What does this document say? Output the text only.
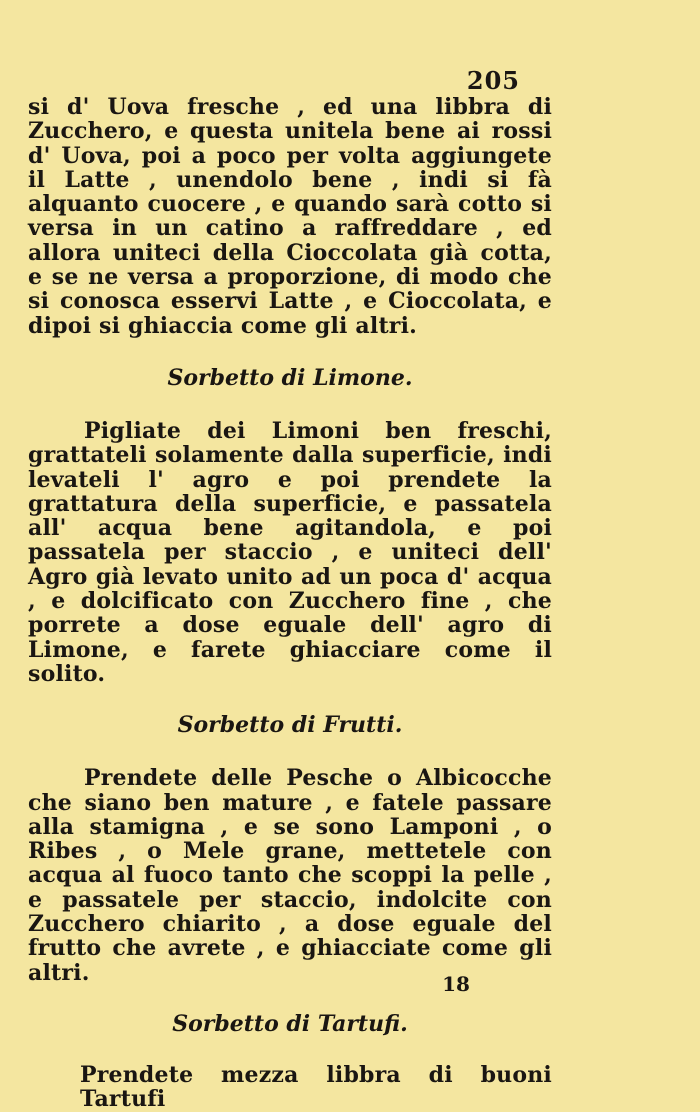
205

si d' Uova fresche , ed una libbra di Zucchero, e questa unitela bene ai rossi d' Uova, poi a poco per volta aggiungete il Latte , unendolo bene , indi si fà alquanto cuocere , e quando sarà cotto si versa in un catino a raffreddare , ed allora uniteci della Cioccolata già cotta, e se ne versa a proporzione, di modo che si conosca esservi Latte , e Cioccolata, e dipoi si ghiaccia come gli altri.

Sorbetto di Limone.

Pigliate dei Limoni ben freschi, grattateli solamente dalla superficie, indi levateli l' agro e poi prendete la grattatura della superficie, e passatela all' acqua bene agitandola, e poi passatela per staccio , e uniteci dell' Agro già levato unito ad un poca d' acqua , e dolcificato con Zucchero fine , che porrete a dose eguale dell' agro di Limone, e farete ghiacciare come il solito.

Sorbetto di Frutti.

Prendete delle Pesche o Albicocche che siano ben mature , e fatele passare alla stamigna , e se sono Lamponi , o Ribes , o Mele grane, mettetele con acqua al fuoco tanto che scoppi la pelle , e passatele per staccio, indolcite con Zucchero chiarito , a dose eguale del frutto che avrete , e ghiacciate come gli altri.

Sorbetto di Tartufi.

Prendete mezza libbra di buoni Tartufi

18
